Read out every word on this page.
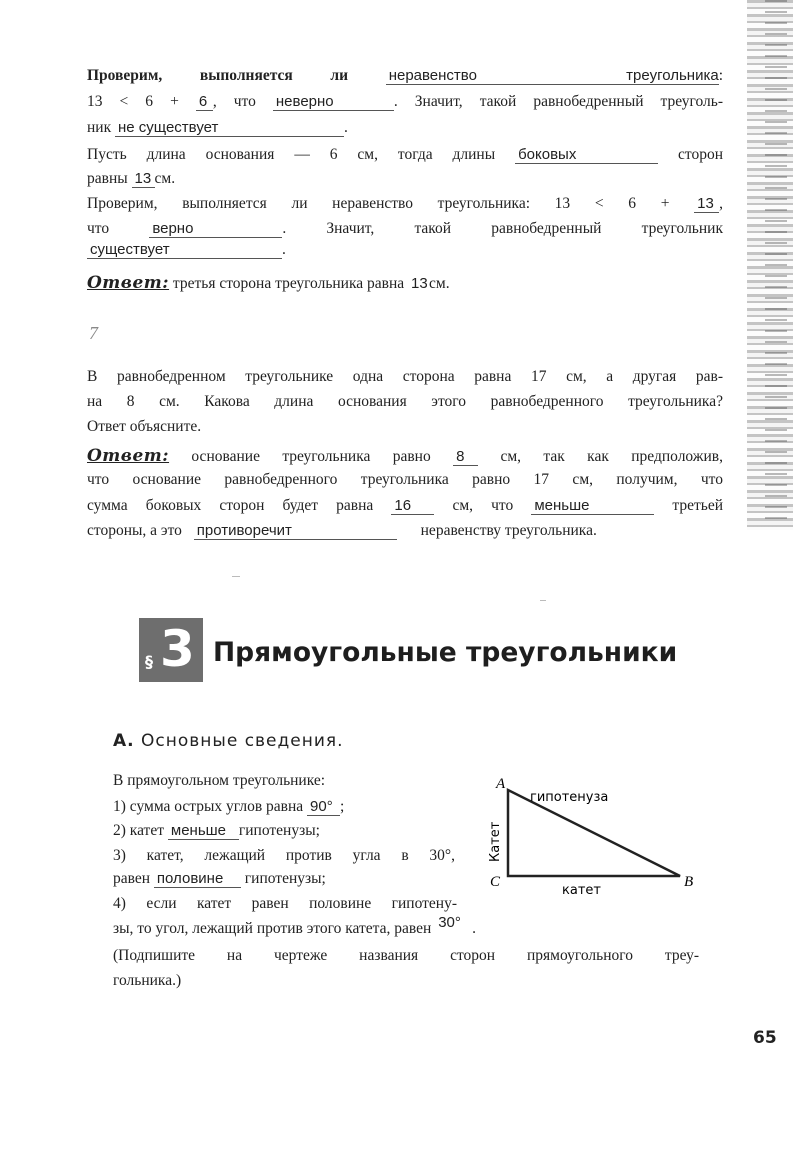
Проверим, выполняется ли	неравенство треугольника:
13 < 6 + 6 , что неверно	. Значит, такой равнобедренный треуголь-
ник не существует	.
Пусть длина основания — 6 см, тогда длины боковых	сторон
равны 13 см.
Проверим, выполняется ли неравенство треугольника: 13 < 6 + 13 ,
что	верно	. Значит, такой равнобедренный треугольник
существует	.
Ответ: третья сторона треугольника равна 13см.
7
В равнобедренном треугольнике одна сторона равна 17 см, а другая рав-
на 8 см. Какова длина основания этого равнобедренного треугольника?
Ответ объясните.
Ответ: основание треугольника равно 8 см, так как предположив,
что основание равнобедренного треугольника равно 17 см, получим, что
сумма боковых сторон будет равна 16	см, что меньше	третьей
стороны, а это противоречит	неравенству треугольника.
§ 3 Прямоугольные треугольники
А. Основные сведения.
В прямоугольном треугольнике:
1) сумма острых углов равна 90° ;
2) катет меньше гипотенузы;
3) катет, лежащий против угла в 30°,
равен половине гипотенузы;
4) если катет равен половине гипотену-
зы, то угол, лежащий против этого катета, равен 30° .
(Подпишите на чертеже названия сторон прямоугольного треу-
гольника.)
A
C	B
гипотенуза
катет
Катет
65
